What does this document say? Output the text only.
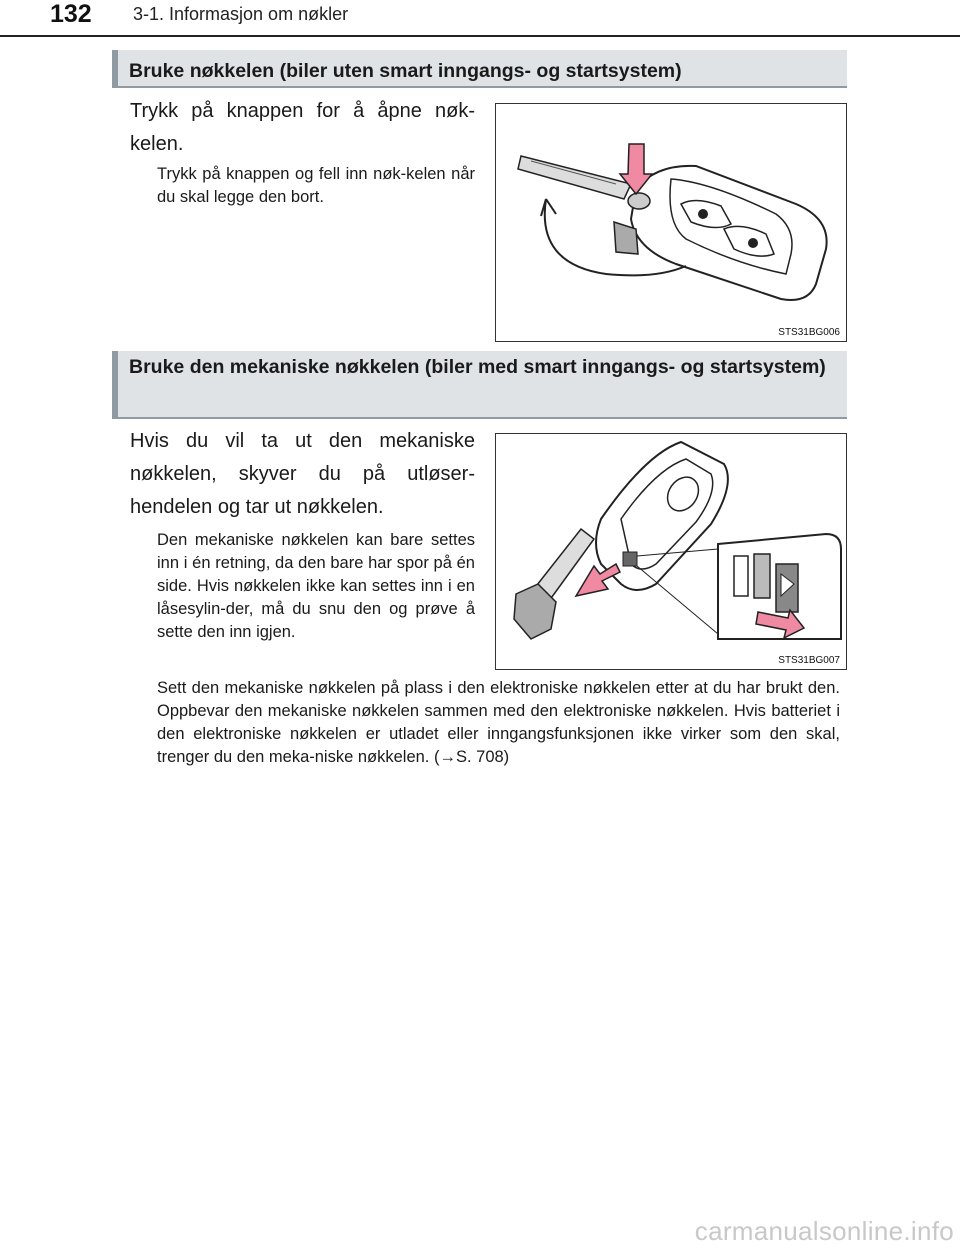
132 3-1. Informasjon om nøkler
Bruke nøkkelen (biler uten smart inngangs- og startsystem)
Trykk på knappen for å åpne nøk-kelen.
Trykk på knappen og fell inn nøk-kelen når du skal legge den bort.
STS31BG006
Bruke den mekaniske nøkkelen (biler med smart inngangs- og startsystem)
Hvis du vil ta ut den mekaniske nøkkelen, skyver du på utløser-hendelen og tar ut nøkkelen.
Den mekaniske nøkkelen kan bare settes inn i én retning, da den bare har spor på én side. Hvis nøkkelen ikke kan settes inn i en låsesylin-der, må du snu den og prøve å sette den inn igjen.
STS31BG007
Sett den mekaniske nøkkelen på plass i den elektroniske nøkkelen etter at du har brukt den. Oppbevar den mekaniske nøkkelen sammen med den elektroniske nøkkelen. Hvis batteriet i den elektroniske nøkkelen er utladet eller inngangsfunksjonen ikke virker som den skal, trenger du den meka-niske nøkkelen. (→S. 708)
carmanualsonline.info
